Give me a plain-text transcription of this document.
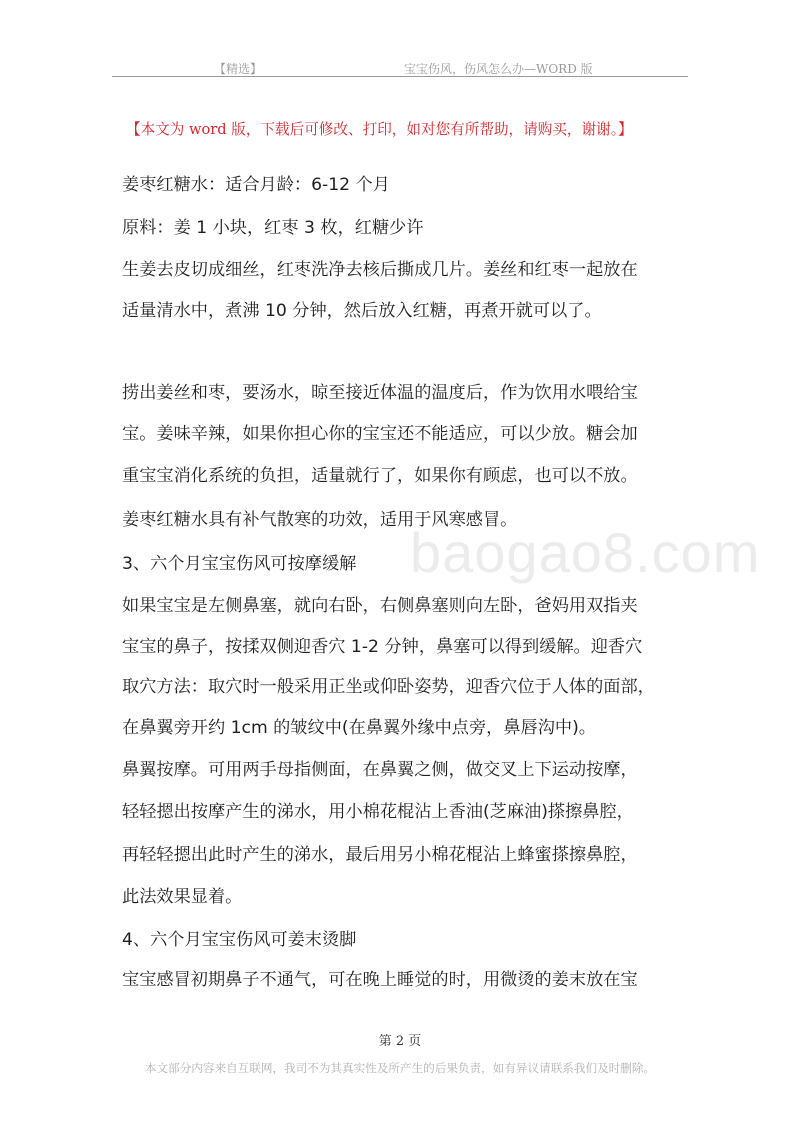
【精选】	宝宝伤风，伤风怎么办—WORD 版
【本文为 word 版，下载后可修改、打印，如对您有所帮助，请购买，谢谢。】
baogao8.com
姜枣红糖水：适合月龄：6-12 个月
原料：姜 1 小块，红枣 3 枚，红糖少许
生姜去皮切成细丝，红枣洗净去核后撕成几片。姜丝和红枣一起放在
适量清水中，煮沸 10 分钟，然后放入红糖，再煮开就可以了。
捞出姜丝和枣，要汤水，晾至接近体温的温度后，作为饮用水喂给宝
宝。姜味辛辣，如果你担心你的宝宝还不能适应，可以少放。糖会加
重宝宝消化系统的负担，适量就行了，如果你有顾虑，也可以不放。
姜枣红糖水具有补气散寒的功效，适用于风寒感冒。
3、六个月宝宝伤风可按摩缓解
如果宝宝是左侧鼻塞，就向右卧，右侧鼻塞则向左卧，爸妈用双指夹
宝宝的鼻子，按揉双侧迎香穴 1-2 分钟，鼻塞可以得到缓解。迎香穴
取穴方法：取穴时一般采用正坐或仰卧姿势，迎香穴位于人体的面部，
在鼻翼旁开约 1cm 的皱纹中(在鼻翼外缘中点旁，鼻唇沟中)。
鼻翼按摩。可用两手母指侧面，在鼻翼之侧，做交叉上下运动按摩，
轻轻摁出按摩产生的涕水，用小棉花棍沾上香油(芝麻油)搽擦鼻腔，
再轻轻摁出此时产生的涕水，最后用另小棉花棍沾上蜂蜜搽擦鼻腔，
此法效果显着。
4、六个月宝宝伤风可姜末烫脚
宝宝感冒初期鼻子不通气，可在晚上睡觉的时，用微烫的姜末放在宝
第 2 页
本文部分内容来自互联网，我司不为其真实性及所产生的后果负责，如有异议请联系我们及时删除。
